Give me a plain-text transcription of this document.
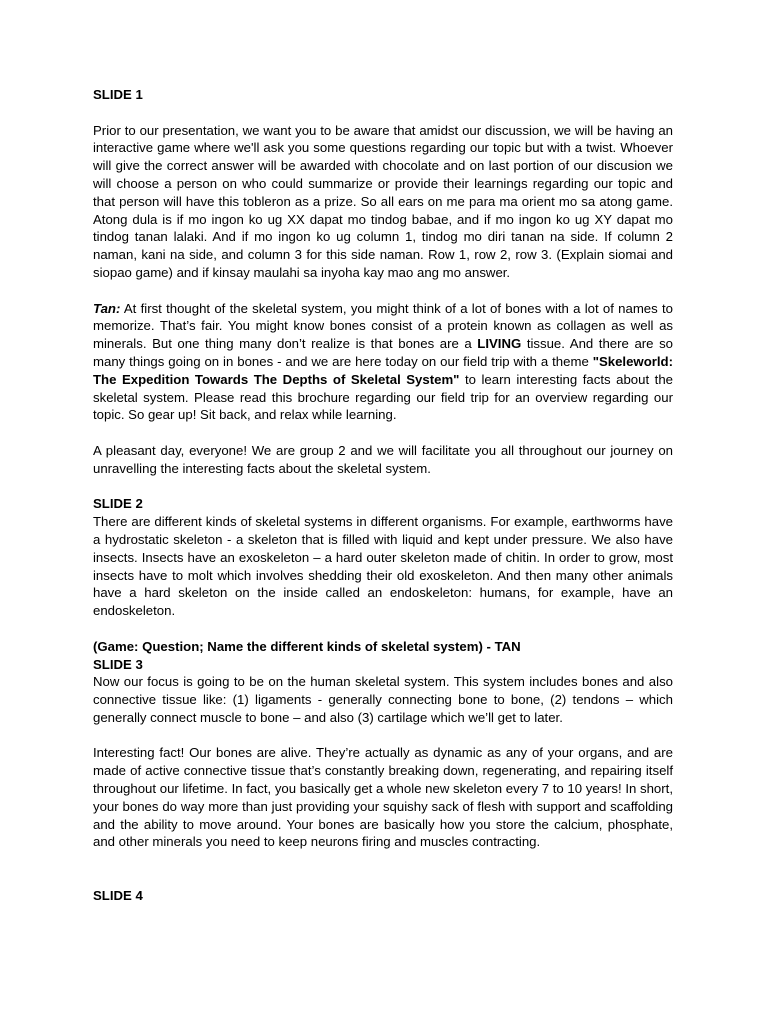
SLIDE 1

Prior to our presentation, we want you to be aware that amidst our discussion, we will be having an interactive game where we'll ask you some questions regarding our topic but with a twist. Whoever will give the correct answer will be awarded with chocolate and on last portion of our discusion we will choose a person on who could summarize or provide their learnings regarding our topic and that person will have this tobleron as a prize. So all ears on me para ma orient mo sa atong game. Atong dula is if mo ingon ko ug XX dapat mo tindog babae, and if mo ingon ko ug XY dapat mo tindog tanan lalaki. And if mo ingon ko ug column 1, tindog mo diri tanan na side. If column 2 naman, kani na side, and column 3 for this side naman. Row 1, row 2, row 3. (Explain siomai and siopao game) and if kinsay maulahi sa inyoha kay mao ang mo answer.

Tan: At first thought of the skeletal system, you might think of a lot of bones with a lot of names to memorize. That’s fair. You might know bones consist of a protein known as collagen as well as minerals. But one thing many don’t realize is that bones are a LIVING tissue. And there are so many things going on in bones - and we are here today on our field trip with a theme "Skeleworld: The Expedition Towards The Depths of Skeletal System" to learn interesting facts about the skeletal system. Please read this brochure regarding our field trip for an overview regarding our topic. So gear up! Sit back, and relax while learning.

A pleasant day, everyone! We are group 2 and we will facilitate you all throughout our journey on unravelling the interesting facts about the skeletal system.

SLIDE 2

There are different kinds of skeletal systems in different organisms. For example, earthworms have a hydrostatic skeleton - a skeleton that is filled with liquid and kept under pressure. We also have insects. Insects have an exoskeleton – a hard outer skeleton made of chitin. In order to grow, most insects have to molt which involves shedding their old exoskeleton. And then many other animals have a hard skeleton on the inside called an endoskeleton: humans, for example, have an endoskeleton.

(Game: Question; Name the different kinds of skeletal system) - TAN

SLIDE 3

Now our focus is going to be on the human skeletal system. This system includes bones and also connective tissue like: (1) ligaments - generally connecting bone to bone, (2) tendons – which generally connect muscle to bone – and also (3) cartilage which we’ll get to later.

Interesting fact! Our bones are alive. They’re actually as dynamic as any of your organs, and are made of active connective tissue that’s constantly breaking down, regenerating, and repairing itself throughout our lifetime. In fact, you basically get a whole new skeleton every 7 to 10 years! In short, your bones do way more than just providing your squishy sack of flesh with support and scaffolding and the ability to move around. Your bones are basically how you store the calcium, phosphate, and other minerals you need to keep neurons firing and muscles contracting.

SLIDE 4
